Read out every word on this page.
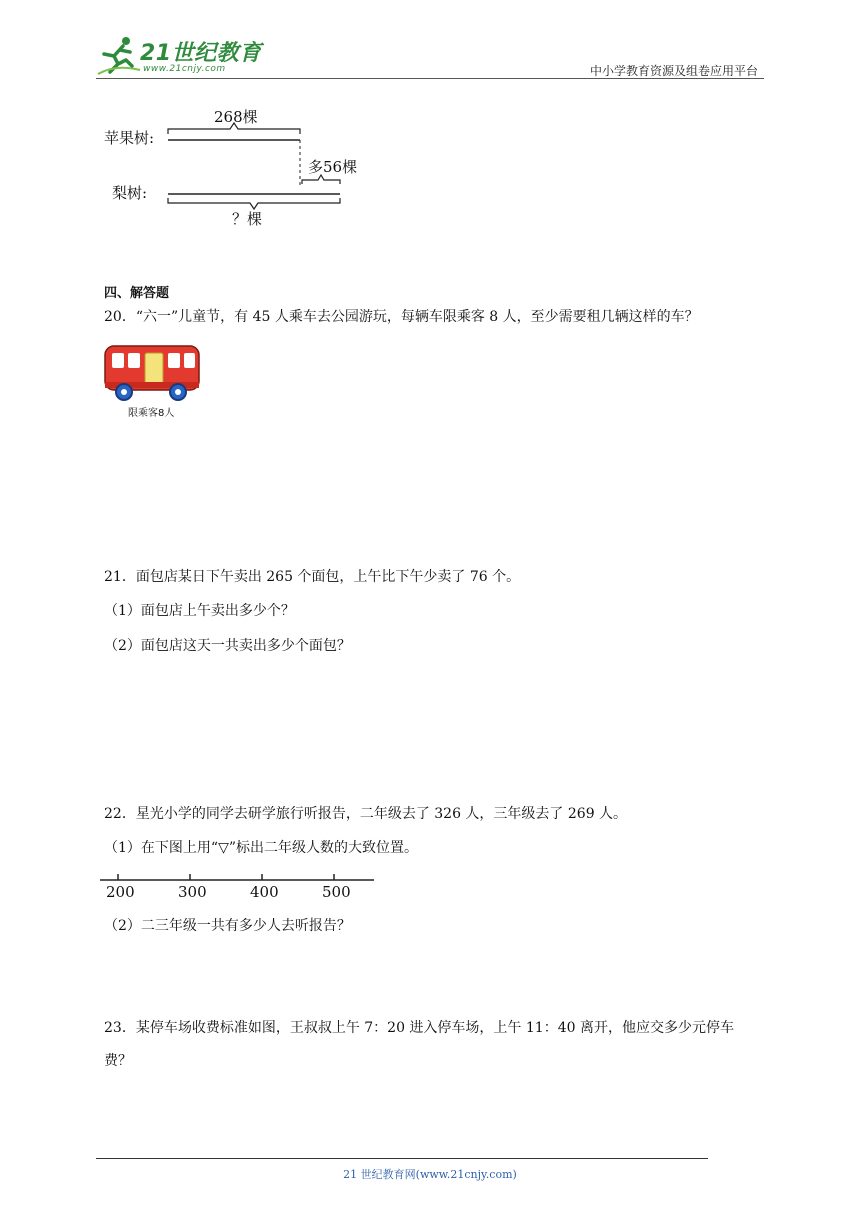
21世纪教育
www.21cnjy.com	中小学教育资源及组卷应用平台
苹果树:
268棵
梨树:
多56棵
？棵
四、解答题
20．“六一”儿童节，有 45 人乘车去公园游玩，每辆车限乘客 8 人，至少需要租几辆这样的车？
限乘客8人
21．面包店某日下午卖出 265 个面包，上午比下午少卖了 76 个。
（1）面包店上午卖出多少个？
（2）面包店这天一共卖出多少个面包？
22．星光小学的同学去研学旅行听报告，二年级去了 326 人，三年级去了 269 人。
（1）在下图上用“▽”标出二年级人数的大致位置。
200	300	400	500
（2）二三年级一共有多少人去听报告？
23．某停车场收费标准如图，王叔叔上午 7：20 进入停车场，上午 11：40 离开，他应交多少元停车
费？
21 世纪教育网(www.21cnjy.com)
